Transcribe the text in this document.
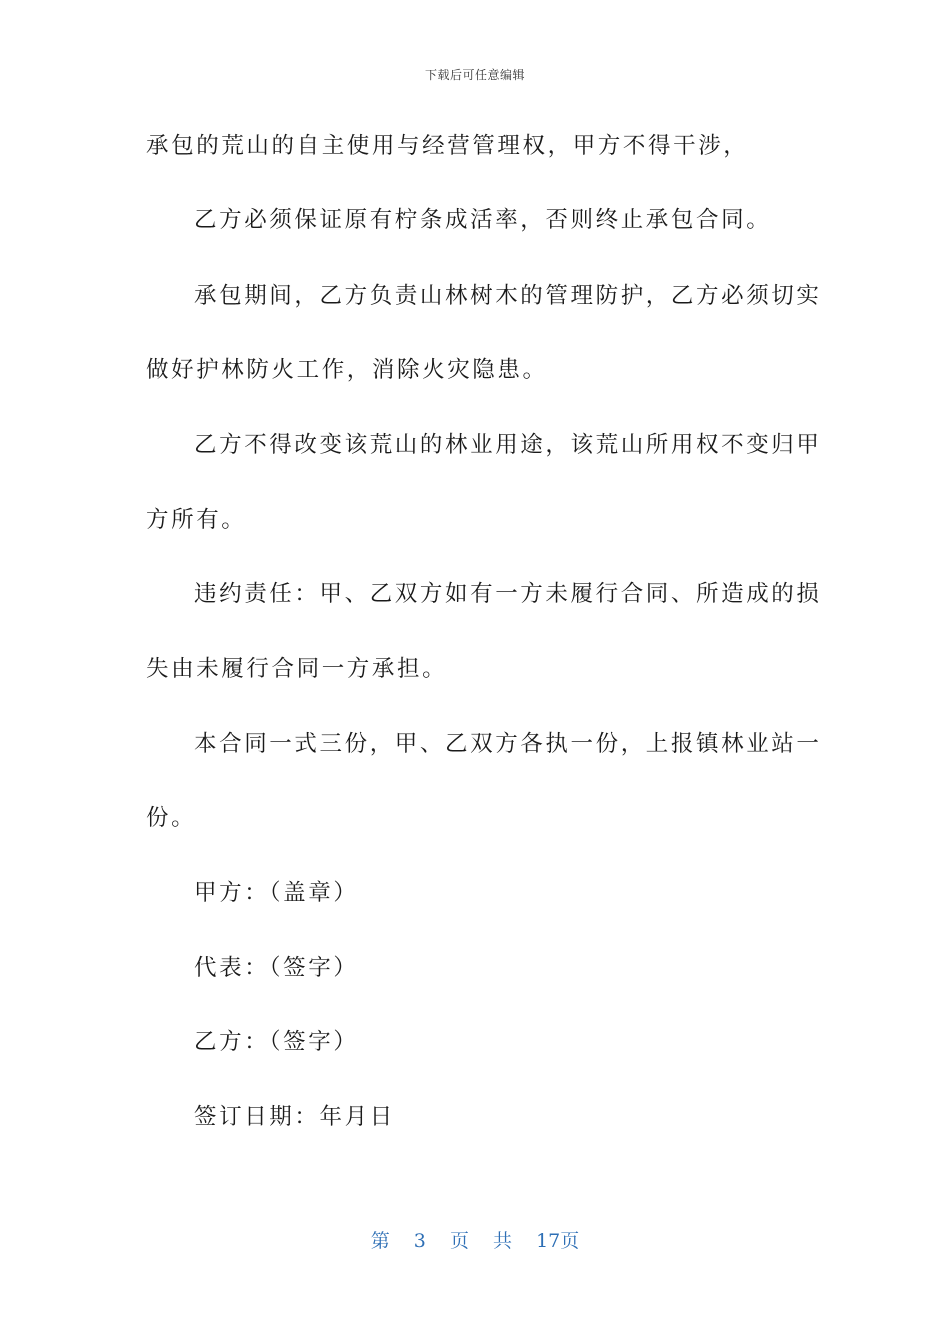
下载后可任意编辑
承包的荒山的自主使用与经营管理权，甲方不得干涉，
乙方必须保证原有柠条成活率，否则终止承包合同。
承包期间，乙方负责山林树木的管理防护，乙方必须切实
做好护林防火工作，消除火灾隐患。
乙方不得改变该荒山的林业用途，该荒山所用权不变归甲
方所有。
违约责任：甲、乙双方如有一方未履行合同、所造成的损
失由未履行合同一方承担。
本合同一式三份，甲、乙双方各执一份，上报镇林业站一
份。
甲方：（盖章）
代表：（签字）
乙方：（签字）
签订日期：年月日
第 3 页 共 17页
